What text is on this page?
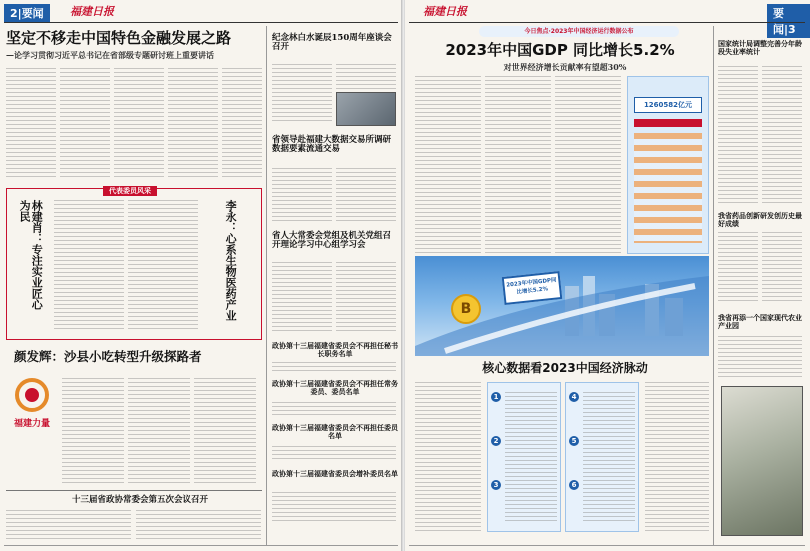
2|要闻	福建日报
坚定不移走中国特色金融发展之路
—论学习贯彻习近平总书记在省部级专题研讨班上重要讲话
代表委员风采
林建肖：专注实业匠心为民	李永：心系生物医药产业
颜发辉：沙县小吃转型升级探路者
福建力量
十三届省政协常委会第五次会议召开
纪念林白水诞辰150周年座谈会召开
省领导赴福建大数据交易所调研数据要素流通交易
省人大常委会党组及机关党组召开理论学习中心组学习会
政协第十三届福建省委员会不再担任秘书长职务名单
政协第十三届福建省委员会不再担任常务委员、委员名单
政协第十三届福建省委员会不再担任委员名单
政协第十三届福建省委员会增补委员名单
福建日报	要闻|3
今日焦点·2023年中国经济运行数据公布
2023年中国GDP 同比增长5.2%
对世界经济增长贡献率有望超30%
1260582亿元
2023年中国GDP同比增长5.2%
B
核心数据看2023中国经济脉动
1
2
3
4
5
6
国家统计局调整完善分年龄段失业率统计
我省药品创新研发创历史最好成绩
我省再添一个国家现代农业产业园
